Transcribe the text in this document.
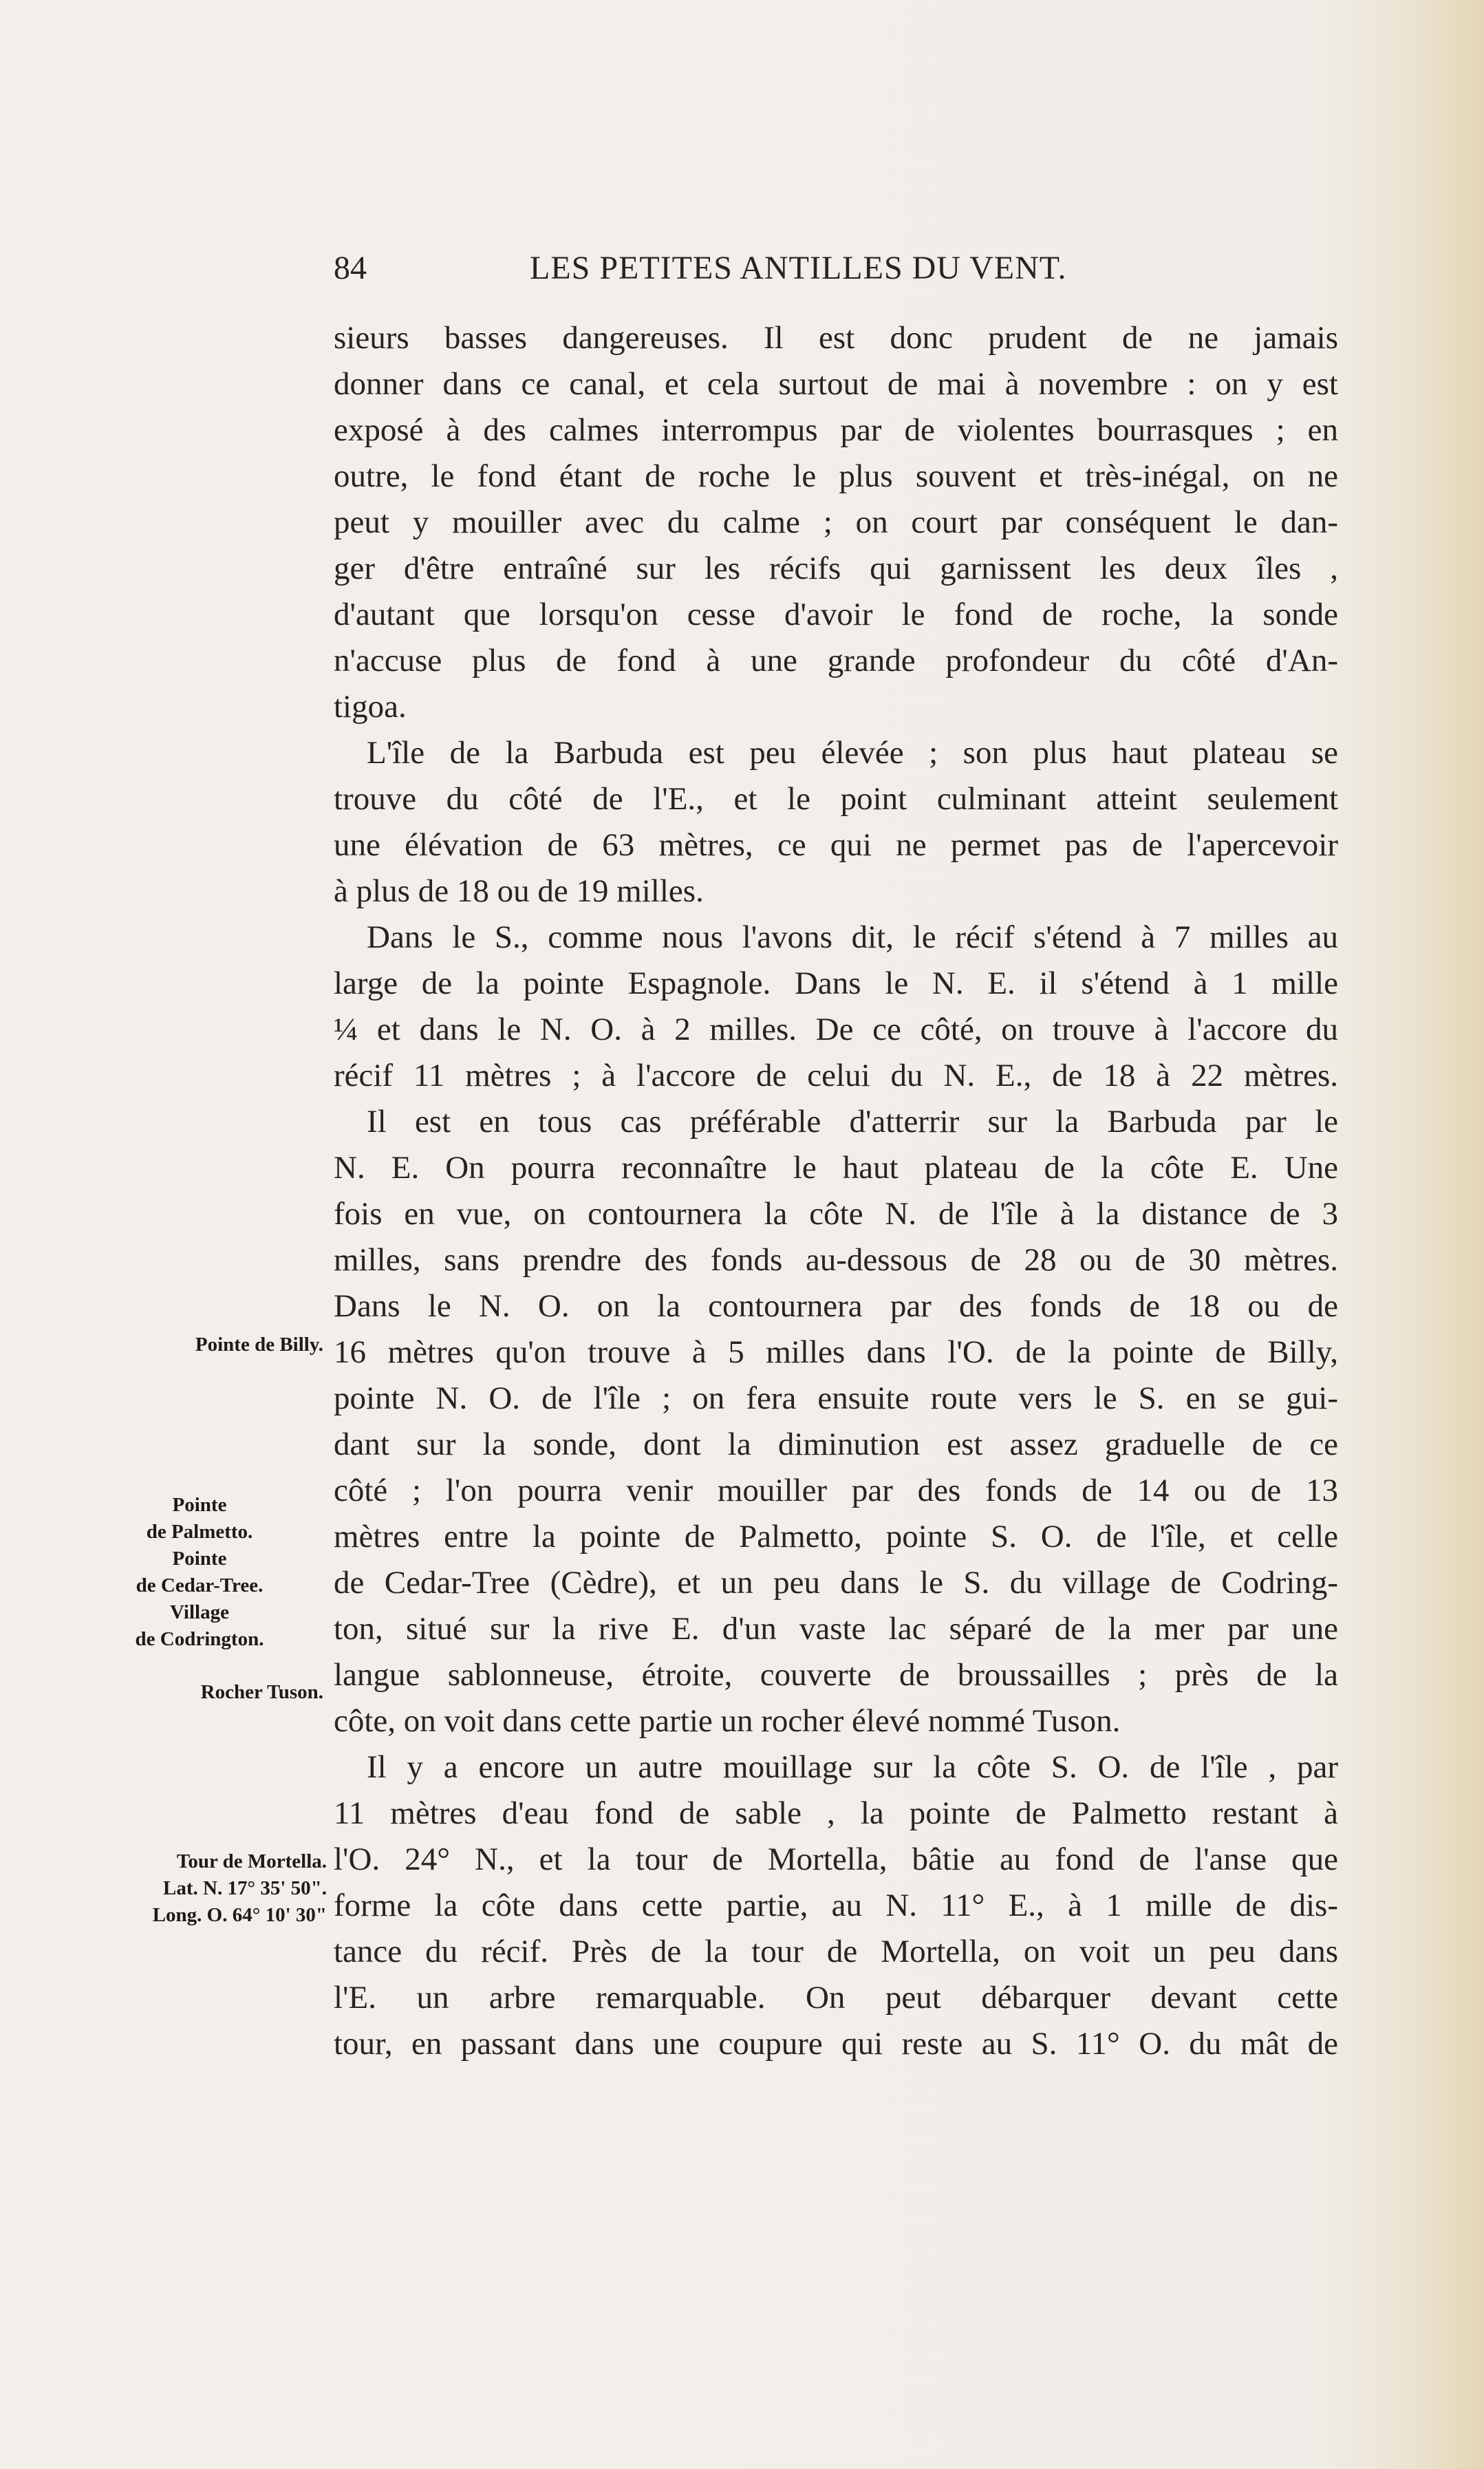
84	LES PETITES ANTILLES DU VENT.
sieurs basses dangereuses. Il est donc prudent de ne jamais
donner dans ce canal, et cela surtout de mai à novembre : on y est
exposé à des calmes interrompus par de violentes bourrasques ; en
outre, le fond étant de roche le plus souvent et très-inégal, on ne
peut y mouiller avec du calme ; on court par conséquent le dan-
ger d'être entraîné sur les récifs qui garnissent les deux îles ,
d'autant que lorsqu'on cesse d'avoir le fond de roche, la sonde
n'accuse plus de fond à une grande profondeur du côté d'An-
tigoa.
L'île de la Barbuda est peu élevée ; son plus haut plateau se
trouve du côté de l'E., et le point culminant atteint seulement
une élévation de 63 mètres, ce qui ne permet pas de l'apercevoir
à plus de 18 ou de 19 milles.
Dans le S., comme nous l'avons dit, le récif s'étend à 7 milles au
large de la pointe Espagnole. Dans le N. E. il s'étend à 1 mille
¼ et dans le N. O. à 2 milles. De ce côté, on trouve à l'accore du
récif 11 mètres ; à l'accore de celui du N. E., de 18 à 22 mètres.
Il est en tous cas préférable d'atterrir sur la Barbuda par le
N. E. On pourra reconnaître le haut plateau de la côte E. Une
fois en vue, on contournera la côte N. de l'île à la distance de 3
milles, sans prendre des fonds au-dessous de 28 ou de 30 mètres.
Dans le N. O. on la contournera par des fonds de 18 ou de
16 mètres qu'on trouve à 5 milles dans l'O. de la pointe de Billy,
pointe N. O. de l'île ; on fera ensuite route vers le S. en se gui-
dant sur la sonde, dont la diminution est assez graduelle de ce
côté ; l'on pourra venir mouiller par des fonds de 14 ou de 13
mètres entre la pointe de Palmetto, pointe S. O. de l'île, et celle
de Cedar-Tree (Cèdre), et un peu dans le S. du village de Codring-
ton, situé sur la rive E. d'un vaste lac séparé de la mer par une
langue sablonneuse, étroite, couverte de broussailles ; près de la
côte, on voit dans cette partie un rocher élevé nommé Tuson.
Il y a encore un autre mouillage sur la côte S. O. de l'île , par
11 mètres d'eau fond de sable , la pointe de Palmetto restant à
l'O. 24° N., et la tour de Mortella, bâtie au fond de l'anse que
forme la côte dans cette partie, au N. 11° E., à 1 mille de dis-
tance du récif. Près de la tour de Mortella, on voit un peu dans
l'E. un arbre remarquable. On peut débarquer devant cette
tour, en passant dans une coupure qui reste au S. 11° O. du mât de
Pointe de Billy.
Pointe
de Palmetto.
Pointe
de Cedar-Tree.
Village
de Codrington.
Rocher Tuson.
Tour de Mortella.
Lat. N. 17° 35' 50".
Long. O. 64° 10' 30"
